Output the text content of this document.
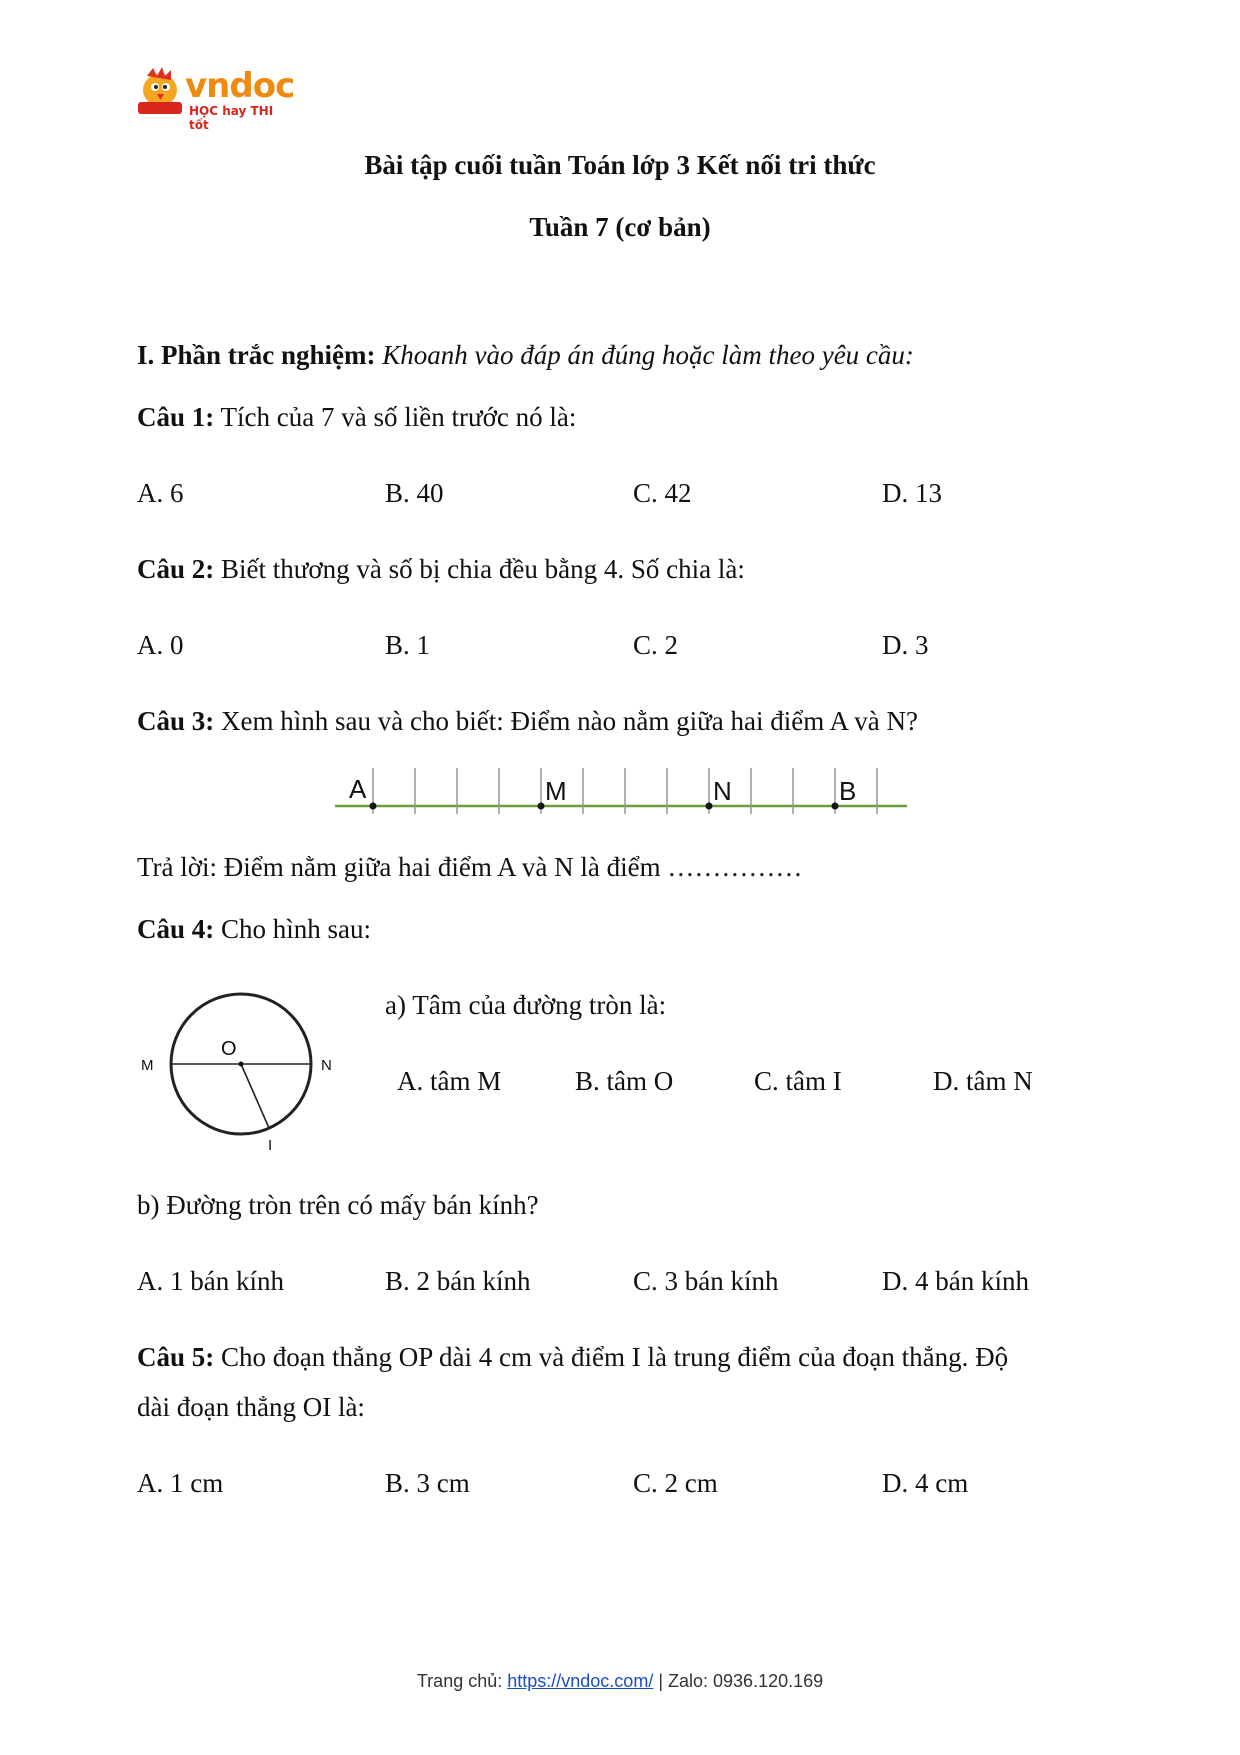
vndoc
HỌC hay THI tốt
Bài tập cuối tuần Toán lớp 3 Kết nối tri thức
Tuần 7 (cơ bản)
I. Phần trắc nghiệm: Khoanh vào đáp án đúng hoặc làm theo yêu cầu:
Câu 1: Tích của 7 và số liền trước nó là:
A. 6	B. 40	C. 42	D. 13
Câu 2: Biết thương và số bị chia đều bằng 4. Số chia là:
A. 0	B. 1	C. 2	D. 3
Câu 3: Xem hình sau và cho biết: Điểm nào nằm giữa hai điểm A và N?
A	M	N	B
Trả lời: Điểm nằm giữa hai điểm A và N là điểm ……………
Câu 4: Cho hình sau:
O
M	N
I
a) Tâm của đường tròn là:
A. tâm M	B. tâm O	C. tâm I	D. tâm N
b) Đường tròn trên có mấy bán kính?
A. 1 bán kính	B. 2 bán kính	C. 3 bán kính	D. 4 bán kính
Câu 5: Cho đoạn thẳng OP dài 4 cm và điểm I là trung điểm của đoạn thẳng. Độ
dài đoạn thẳng OI là:
A. 1 cm	B. 3 cm	C. 2 cm	D. 4 cm
Trang chủ: https://vndoc.com/ | Zalo: 0936.120.169
